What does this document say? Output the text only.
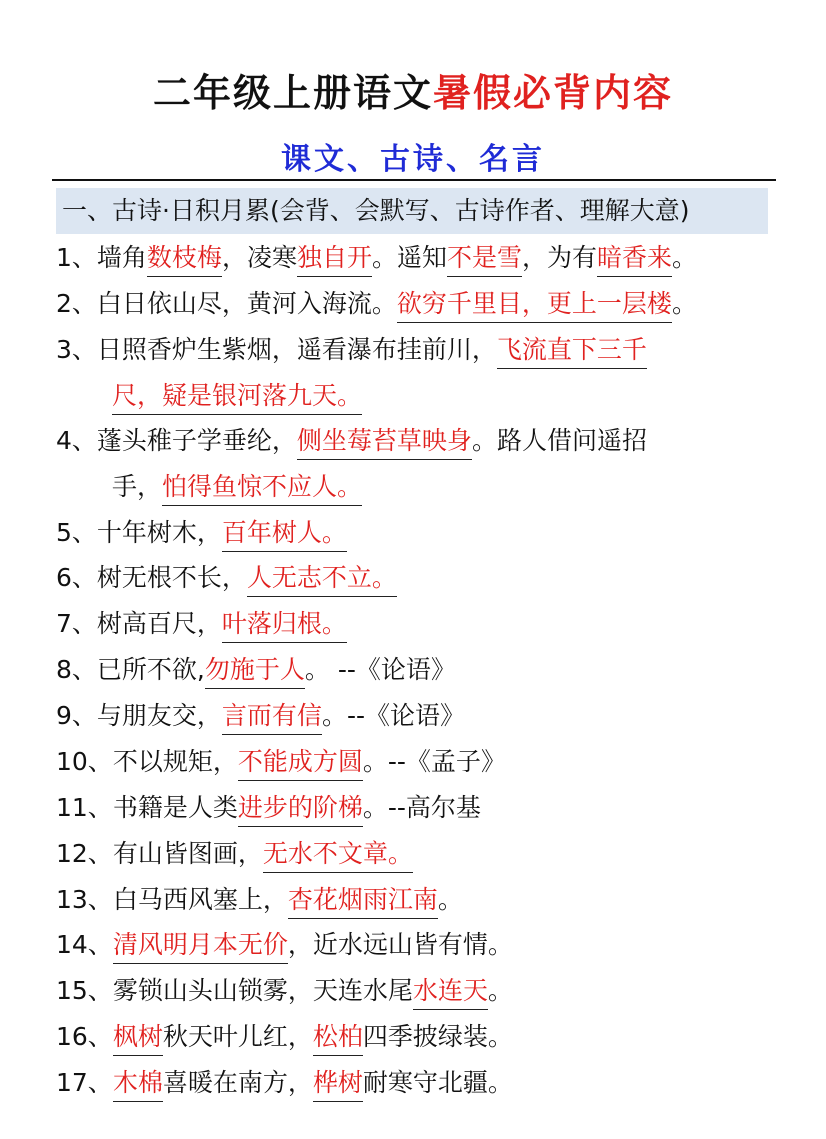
二年级上册语文暑假必背内容
课文、古诗、名言
一、古诗·日积月累(会背、会默写、古诗作者、理解大意)
1、墙角数枝梅，凌寒独自开。遥知不是雪，为有暗香来。
2、白日依山尽，黄河入海流。欲穷千里目，更上一层楼。
3、日照香炉生紫烟，遥看瀑布挂前川，飞流直下三千
尺，疑是银河落九天。
4、蓬头稚子学垂纶，侧坐莓苔草映身。路人借问遥招
手，怕得鱼惊不应人。
5、十年树木，百年树人。
6、树无根不长，人无志不立。
7、树高百尺，叶落归根。
8、已所不欲,勿施于人。 --《论语》
9、与朋友交，言而有信。--《论语》
10、不以规矩，不能成方圆。--《孟子》
11、书籍是人类进步的阶梯。--高尔基
12、有山皆图画，无水不文章。
13、白马西风塞上，杏花烟雨江南。
14、清风明月本无价，近水远山皆有情。
15、雾锁山头山锁雾，天连水尾水连天。
16、枫树秋天叶儿红，松柏四季披绿装。
17、木棉喜暖在南方，桦树耐寒守北疆。
